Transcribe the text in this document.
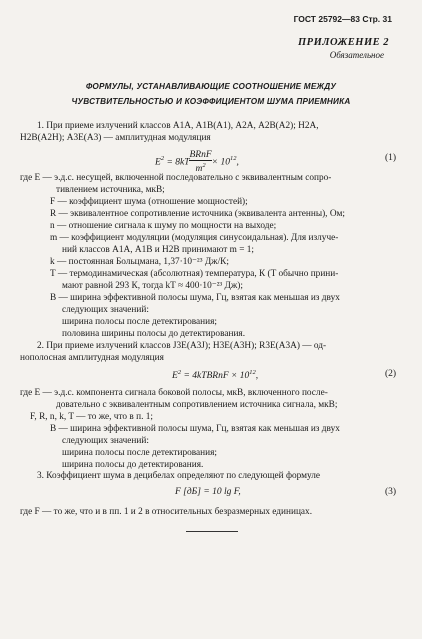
ГОСТ 25792—83 Стр. 31
ПРИЛОЖЕНИЕ 2
Обязательное
ФОРМУЛЫ, УСТАНАВЛИВАЮЩИЕ СООТНОШЕНИЕ МЕЖДУ
ЧУВСТВИТЕЛЬНОСТЬЮ И КОЭФФИЦИЕНТОМ ШУМА ПРИЕМНИКА
1. При приеме излучений классов А1А, А1В(А1), А2А, А2В(А2); Н2А,
Н2В(А2Н); А3Е(А3) — амплитудная модуляция
$E^2 = 8kT$
BRnF
$m^2 \times 10^{12}$,	(1)
где E — э.д.с. несущей, включенной последовательно с эквивалентным сопро-
тивлением источника, мкВ;
F — коэффициент шума (отношение мощностей);
R — эквивалентное сопротивление источника (эквивалента антенны), Ом;
n — отношение сигнала к шуму по мощности на выходе;
m — коэффициент модуляции (модуляция синусоидальная). Для излуче-
ний классов А1А, А1В и Н2В принимают m = 1;
k — постоянная Больцмана, 1,37·10⁻²³ Дж/К;
T — термодинамическая (абсолютная) температура, К (T обычно прини-
мают равной 293 К, тогда kT ≈ 400·10⁻²³ Дж);
B — ширина эффективной полосы шума, Гц, взятая как меньшая из двух
следующих значений:
ширина полосы после детектирования;
половина ширины полосы до детектирования.
2. При приеме излучений классов J3E(A3J); H3E(A3H); R3E(A3A) — од-
нополосная амплитудная модуляция
$E^2$ = 4kTBRnF × $10^{12}$,	(2)
где E — э.д.с. компонента сигнала боковой полосы, мкВ, включенного после-
довательно с эквивалентным сопротивлением источника сигнала, мкВ;
F, R, n, k, T — то же, что в п. 1;
B — ширина эффективной полосы шума, Гц, взятая как меньшая из двух
следующих значений:
ширина полосы после детектирования;
ширина полосы до детектирования.
3. Коэффициент шума в децибелах определяют по следующей формуле
F [дБ] = 10 lg F,	(3)
где F — то же, что и в пп. 1 и 2 в относительных безразмерных единицах.
